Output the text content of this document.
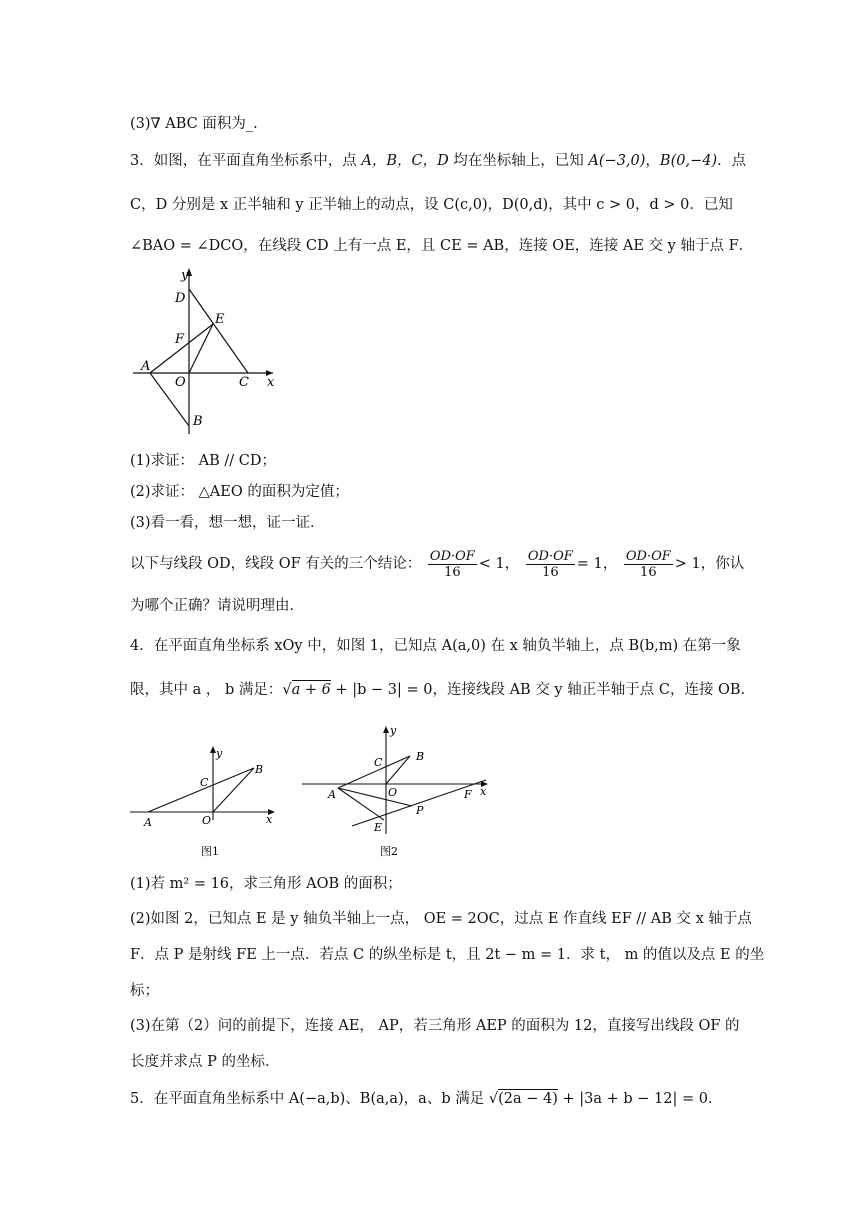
(3)∇ ABC 面积为_.
3．如图，在平面直角坐标系中，点 A，B，C，D 均在坐标轴上，已知 A(−3,0)，B(0,−4)．点
C，D 分别是 x 正半轴和 y 正半轴上的动点，设 C(c,0)，D(0,d)，其中 c > 0，d > 0．已知
∠BAO = ∠DCO，在线段 CD 上有一点 E，且 CE = AB，连接 OE，连接 AE 交 y 轴于点 F．
y
D
E
F
A
O	C x
B
(1)求证： AB // CD；
(2)求证： △AEO 的面积为定值；
(3)看一看，想一想，证一证．
以下与线段 OD，线段 OF 有关的三个结论： $\frac{OD\cdot OF}{16} < 1$， $\frac{OD\cdot OF}{16} = 1$， $\frac{OD\cdot OF}{16} > 1$，你认
为哪个正确？请说明理由．
4．在平面直角坐标系 xOy 中，如图 1，已知点 A(a,0) 在 x 轴负半轴上，点 B(b,m) 在第一象
限，其中 a ， b 满足：√a + 6 + |b − 3| = 0，连接线段 AB 交 y 轴正半轴于点 C，连接 OB．
y
C
B
A	O	x
图1
y
C	B
A	O	F x
P
E
图2
(1)若 m² = 16，求三角形 AOB 的面积；
(2)如图 2，已知点 E 是 y 轴负半轴上一点， OE = 2OC，过点 E 作直线 EF // AB 交 x 轴于点
F．点 P 是射线 FE 上一点．若点 C 的纵坐标是 t，且 2t − m = 1．求 t， m 的值以及点 E 的坐
标；
(3)在第（2）问的前提下，连接 AE， AP，若三角形 AEP 的面积为 12，直接写出线段 OF 的
长度并求点 P 的坐标．
5．在平面直角坐标系中 A(−a,b)、B(a,a)，a、b 满足 √(2a − 4) + |3a + b − 12| = 0．
